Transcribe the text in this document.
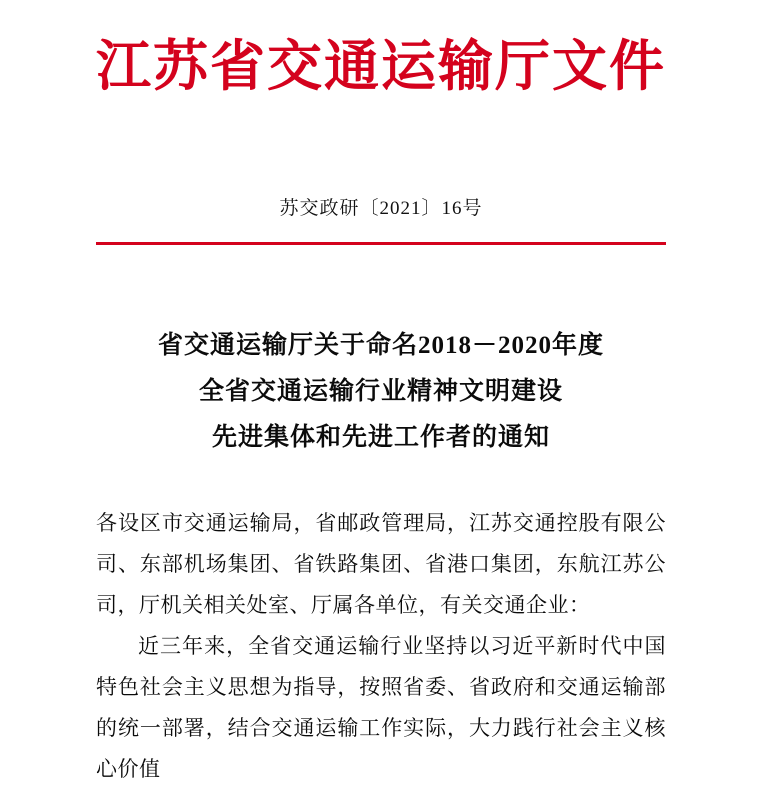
江苏省交通运输厅文件
苏交政研〔2021〕16号
省交通运输厅关于命名2018－2020年度
全省交通运输行业精神文明建设
先进集体和先进工作者的通知

各设区市交通运输局，省邮政管理局，江苏交通控股有限公司、东部机场集团、省铁路集团、省港口集团，东航江苏公司，厅机关相关处室、厅属各单位，有关交通企业：

近三年来，全省交通运输行业坚持以习近平新时代中国特色社会主义思想为指导，按照省委、省政府和交通运输部的统一部署，结合交通运输工作实际，大力践行社会主义核心价值
